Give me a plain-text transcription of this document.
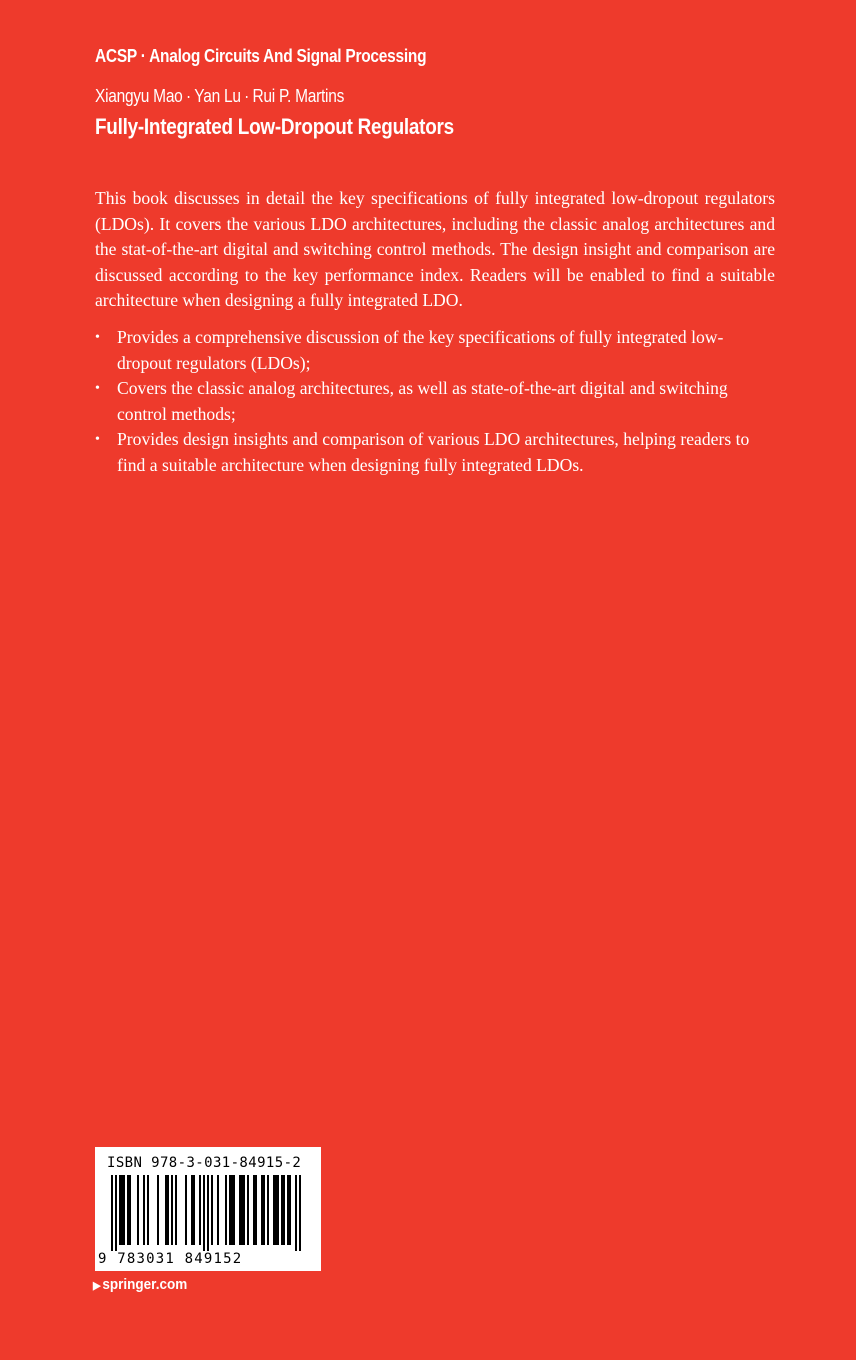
ACSP · Analog Circuits And Signal Processing
Xiangyu Mao · Yan Lu · Rui P. Martins
Fully-Integrated Low-Dropout Regulators

This book discusses in detail the key specifications of fully integrated low-dropout regulators (LDOs). It covers the various LDO architectures, including the classic analog architectures and the stat-of-the-art digital and switching control methods. The design insight and comparison are discussed according to the key performance index. Readers will be enabled to find a suitable architecture when designing a fully integrated LDO.

• Provides a comprehensive discussion of the key specifications of fully integrated low-dropout regulators (LDOs);
• Covers the classic analog architectures, as well as state-of-the-art digital and switching control methods;
• Provides design insights and comparison of various LDO architectures, helping readers to find a suitable architecture when designing fully integrated LDOs.
ISBN 978-3-031-84915-2
9 783031 849152
▶ springer.com
